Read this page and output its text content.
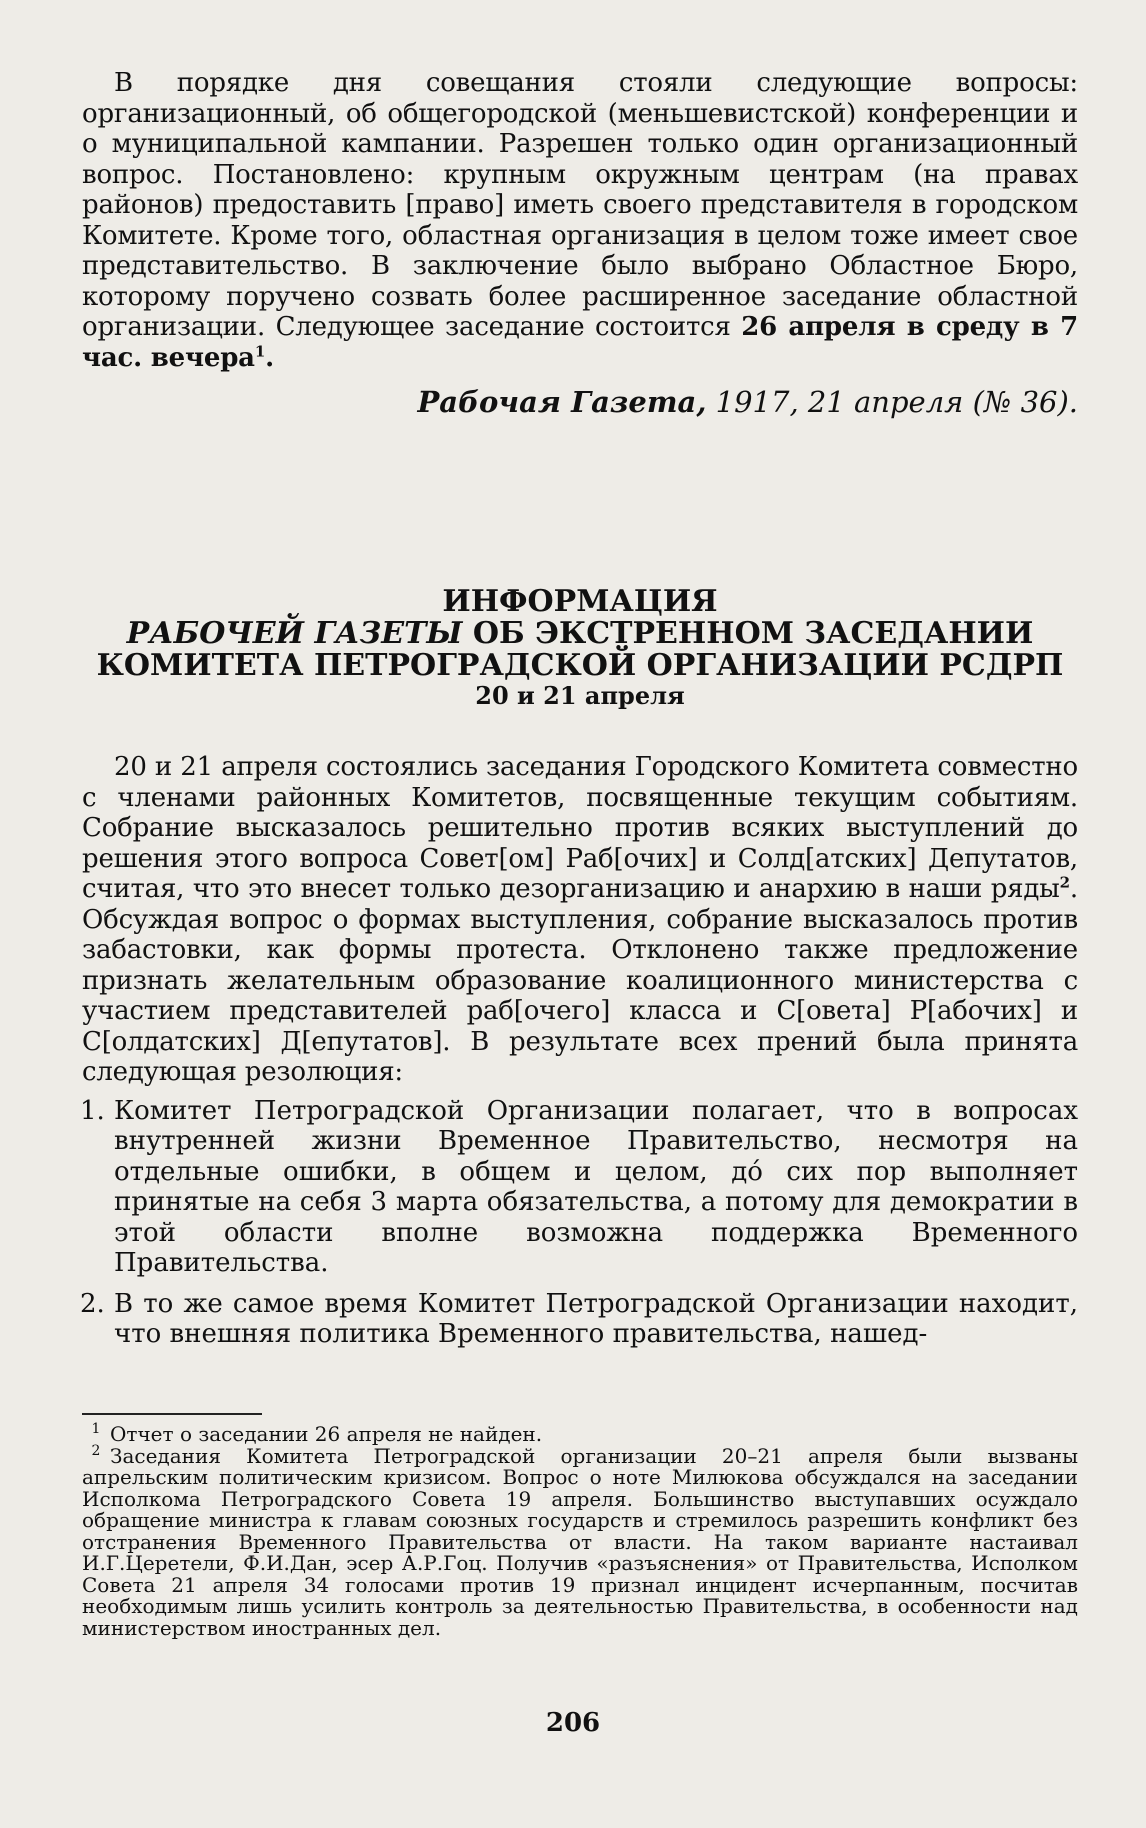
В порядке дня совещания стояли следующие вопросы: организационный, об общегородской (меньшевистской) конференции и о муниципальной кампании. Разрешен только один организационный вопрос. Постановлено: крупным окружным центрам (на правах районов) предоставить [право] иметь своего представителя в городском Комитете. Кроме того, областная организация в целом тоже имеет свое представительство. В заключение было выбрано Областное Бюро, которому поручено созвать более расширенное заседание областной организации. Следующее заседание состоится 26 апреля в среду в 7 час. вечера$^1$.

Рабочая Газета, 1917, 21 апреля (№ 36).

ИНФОРМАЦИЯ

РАБОЧЕЙ ГАЗЕТЫ ОБ ЭКСТРЕННОМ ЗАСЕДАНИИ

КОМИТЕТА ПЕТРОГРАДСКОЙ ОРГАНИЗАЦИИ РСДРП

20 и 21 апреля

20 и 21 апреля состоялись заседания Городского Комитета совместно с членами районных Комитетов, посвященные текущим событиям. Собрание высказалось решительно против всяких выступлений до решения этого вопроса Совет[ом] Раб[очих] и Солд[атских] Депутатов, считая, что это внесет только дезорганизацию и анархию в наши ряды$^2$. Обсуждая вопрос о формах выступления, собрание высказалось против забастовки, как формы протеста. Отклонено также предложение признать желательным образование коалиционного министерства с участием представителей раб[очего] класса и С[овета] Р[абочих] и С[олдатских] Д[епутатов]. В результате всех прений была принята следующая резолюция:

1. Комитет Петроградской Организации полагает, что в вопросах внутренней жизни Временное Правительство, несмотря на отдельные ошибки, в общем и целом, до́ сих пор выполняет принятые на себя 3 марта обязательства, а потому для демократии в этой области вполне возможна поддержка Временного Правительства.
2. В то же самое время Комитет Петроградской Организации находит, что внешняя политика Временного правительства, нашед-

1 Отчет о заседании 26 апреля не найден.

2 Заседания Комитета Петроградской организации 20–21 апреля были вызваны апрельским политическим кризисом. Вопрос о ноте Милюкова обсуждался на заседании Исполкома Петроградского Совета 19 апреля. Большинство выступавших осуждало обращение министра к главам союзных государств и стремилось разрешить конфликт без отстранения Временного Правительства от власти. На таком варианте настаивал И.Г.Церетели, Ф.И.Дан, эсер А.Р.Гоц. Получив «разъяснения» от Правительства, Исполком Совета 21 апреля 34 голосами против 19 признал инцидент исчерпанным, посчитав необходимым лишь усилить контроль за деятельностью Правительства, в особенности над министерством иностранных дел.

206
